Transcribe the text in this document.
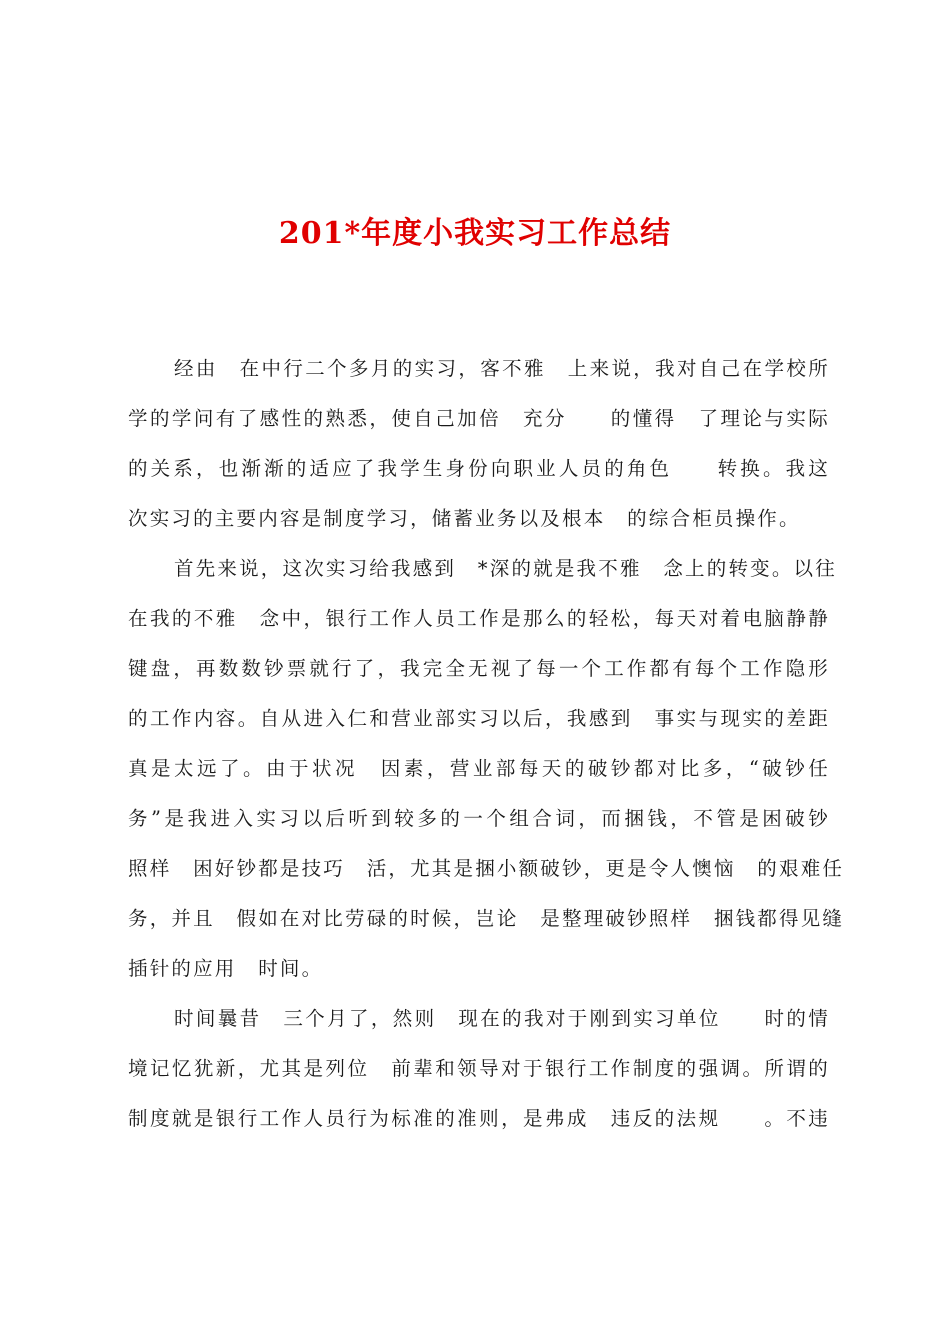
201*年度小我实习工作总结
经由　在中行二个多月的实习，客不雅　上来说，我对自己在学校所
学的学问有了感性的熟悉，使自己加倍　充分　　的懂得　了理论与实际
的关系，也渐渐的适应了我学生身份向职业人员的角色　　转换。我这
次实习的主要内容是制度学习，储蓄业务以及根本　的综合柜员操作。
首先来说，这次实习给我感到　*深的就是我不雅　念上的转变。以往
在我的不雅　念中，银行工作人员工作是那么的轻松，每天对着电脑静静
键盘，再数数钞票就行了，我完全无视了每一个工作都有每个工作隐形
的工作内容。自从进入仁和营业部实习以后，我感到　事实与现实的差距
真是太远了。由于状况　因素，营业部每天的破钞都对比多，“破钞任
务”是我进入实习以后听到较多的一个组合词，而捆钱，不管是困破钞
照样　困好钞都是技巧　活，尤其是捆小额破钞，更是令人懊恼　的艰难任
务，并且　假如在对比劳碌的时候，岂论　是整理破钞照样　捆钱都得见缝
插针的应用　时间。
时间曩昔　三个月了，然则　现在的我对于刚到实习单位　　时的情
境记忆犹新，尤其是列位　前辈和领导对于银行工作制度的强调。所谓的
制度就是银行工作人员行为标准的准则，是弗成　违反的法规　　。不违
